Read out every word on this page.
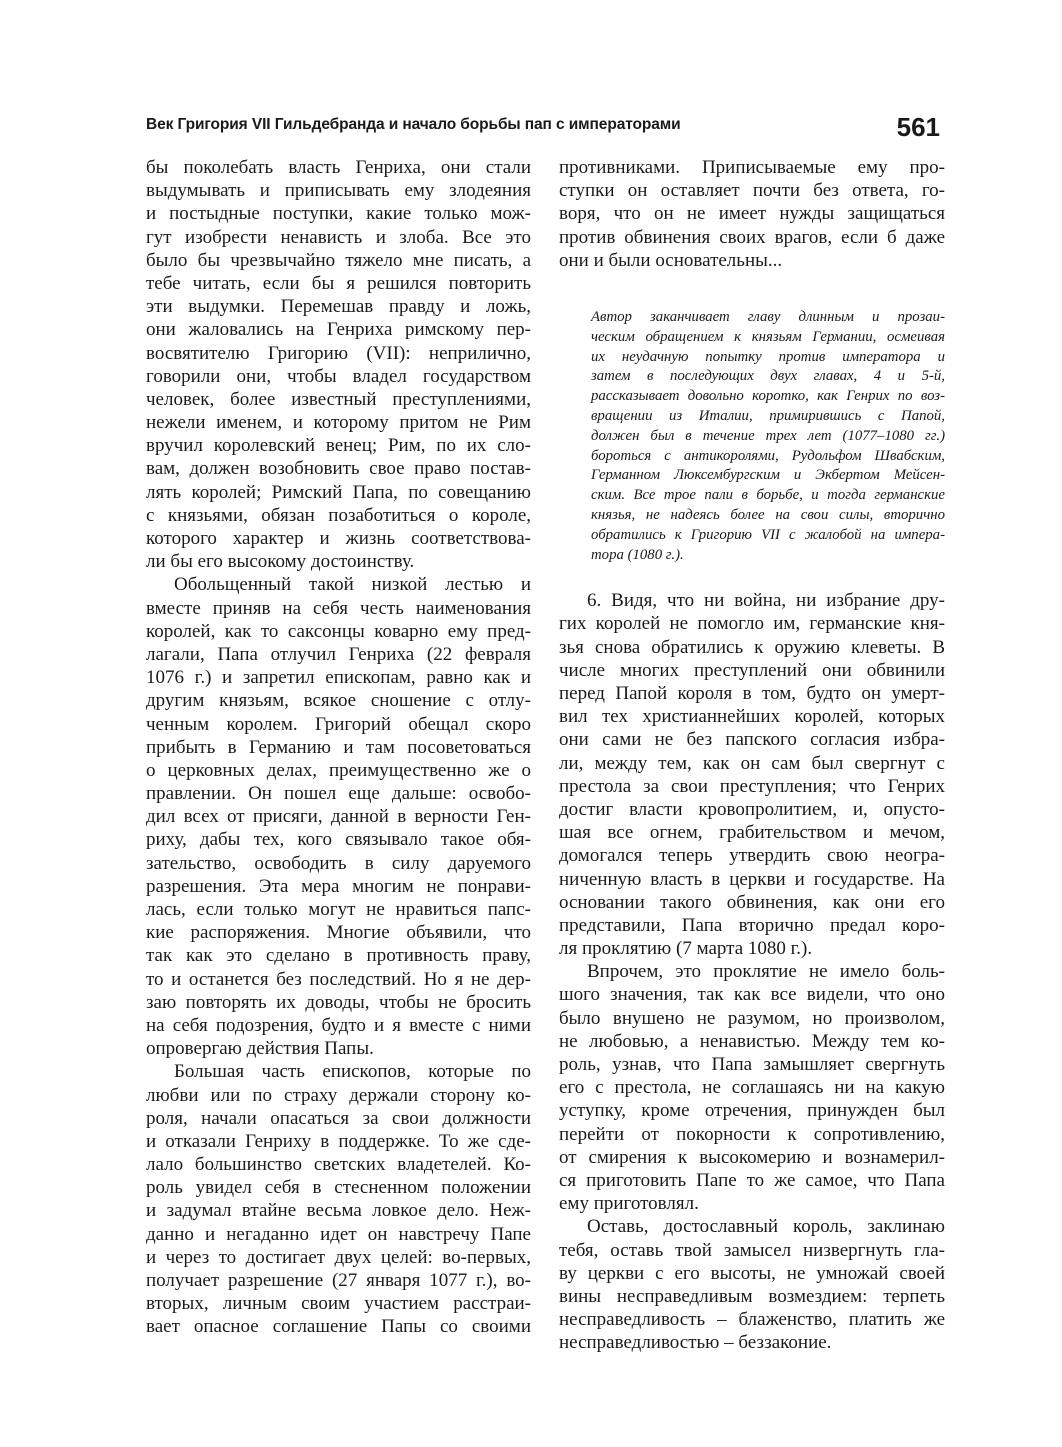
Век Григория VII Гильдебранда и начало борьбы пап с императорами	561
бы поколебать власть Генриха, они стали
выдумывать и приписывать ему злодеяния
и постыдные поступки, какие только мож-
гут изобрести ненависть и злоба. Все это
было бы чрезвычайно тяжело мне писать, а
тебе читать, если бы я решился повторить
эти выдумки. Перемешав правду и ложь,
они жаловались на Генриха римскому пер-
восвятителю Григорию (VII): неприлично,
говорили они, чтобы владел государством
человек, более известный преступлениями,
нежели именем, и которому притом не Рим
вручил королевский венец; Рим, по их сло-
вам, должен возобновить свое право постав-
лять королей; Римский Папа, по совещанию
с князьями, обязан позаботиться о короле,
которого характер и жизнь соответствова-
ли бы его высокому достоинству.
Обольщенный такой низкой лестью и
вместе приняв на себя честь наименования
королей, как то саксонцы коварно ему пред-
лагали, Папа отлучил Генриха (22 февраля
1076 г.) и запретил епископам, равно как и
другим князьям, всякое сношение с отлу-
ченным королем. Григорий обещал скоро
прибыть в Германию и там посоветоваться
о церковных делах, преимущественно же о
правлении. Он пошел еще дальше: освобо-
дил всех от присяги, данной в верности Ген-
риху, дабы тех, кого связывало такое обя-
зательство, освободить в силу даруемого
разрешения. Эта мера многим не понрави-
лась, если только могут не нравиться папс-
кие распоряжения. Многие объявили, что
так как это сделано в противность праву,
то и останется без последствий. Но я не дер-
заю повторять их доводы, чтобы не бросить
на себя подозрения, будто и я вместе с ними
опровергаю действия Папы.
Большая часть епископов, которые по
любви или по страху держали сторону ко-
роля, начали опасаться за свои должности
и отказали Генриху в поддержке. То же сде-
лало большинство светских владетелей. Ко-
роль увидел себя в стесненном положении
и задумал втайне весьма ловкое дело. Неж-
данно и негаданно идет он навстречу Папе
и через то достигает двух целей: во-первых,
получает разрешение (27 января 1077 г.), во-
вторых, личным своим участием расстраи-
вает опасное соглашение Папы со своими
противниками. Приписываемые ему про-
ступки он оставляет почти без ответа, го-
воря, что он не имеет нужды защищаться
против обвинения своих врагов, если б даже
они и были основательны...
Автор заканчивает главу длинным и прозаи-
ческим обращением к князьям Германии, осмеивая
их неудачную попытку против императора и
затем в последующих двух главах, 4 и 5-й,
рассказывает довольно коротко, как Генрих по воз-
вращении из Италии, примирившись с Папой,
должен был в течение трех лет (1077–1080 гг.)
бороться с антикоролями, Рудольфом Швабским,
Германном Люксембургским и Экбертом Мейсен-
ским. Все трое пали в борьбе, и тогда германские
князья, не надеясь более на свои силы, вторично
обратились к Григорию VII с жалобой на импера-
тора (1080 г.).
6. Видя, что ни война, ни избрание дру-
гих королей не помогло им, германские кня-
зья снова обратились к оружию клеветы. В
числе многих преступлений они обвинили
перед Папой короля в том, будто он умерт-
вил тех христианнейших королей, которых
они сами не без папского согласия избра-
ли, между тем, как он сам был свергнут с
престола за свои преступления; что Генрих
достиг власти кровопролитием, и, опусто-
шая все огнем, грабительством и мечом,
домогался теперь утвердить свою неогра-
ниченную власть в церкви и государстве. На
основании такого обвинения, как они его
представили, Папа вторично предал коро-
ля проклятию (7 марта 1080 г.).
Впрочем, это проклятие не имело боль-
шого значения, так как все видели, что оно
было внушено не разумом, но произволом,
не любовью, а ненавистью. Между тем ко-
роль, узнав, что Папа замышляет свергнуть
его с престола, не соглашаясь ни на какую
уступку, кроме отречения, принужден был
перейти от покорности к сопротивлению,
от смирения к высокомерию и вознамерил-
ся приготовить Папе то же самое, что Папа
ему приготовлял.
Оставь, достославный король, заклинаю
тебя, оставь твой замысел низвергнуть гла-
ву церкви с его высоты, не умножай своей
вины несправедливым возмездием: терпеть
несправедливость – блаженство, платить же
несправедливостью – беззаконие.
